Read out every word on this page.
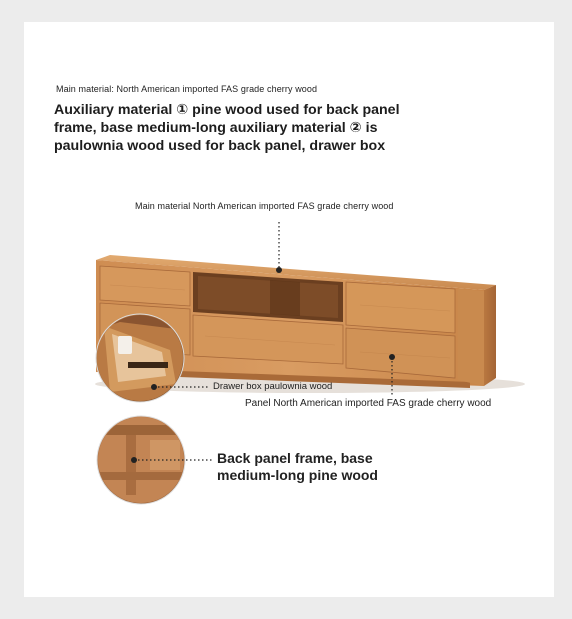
Main material: North American imported FAS grade cherry wood
Auxiliary material ① pine wood used for back panel
frame, base medium-long auxiliary material ② is
paulownia wood used for back panel, drawer box
Main material North American imported FAS grade cherry wood
Drawer box paulownia wood
Panel North American imported FAS grade cherry wood
Back panel frame, base
medium-long pine wood
